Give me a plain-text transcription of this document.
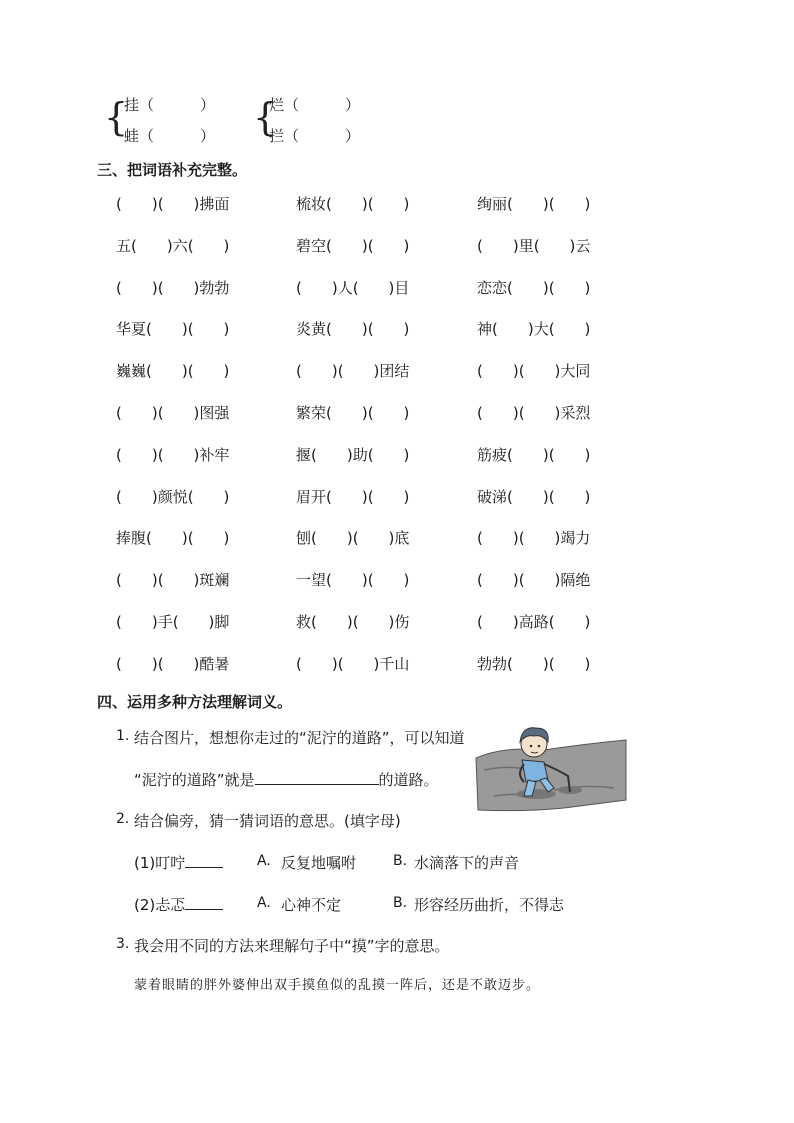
{
挂（	）
蛙（	） {
烂（	）
拦（	）
三、把词语补充完整。
(　　)(　　)拂面	梳妆(　　)(　　)	绚丽(　　)(　　)
五(　　)六(　　)	碧空(　　)(　　)	(　　)里(　　)云
(　　)(　　)勃勃	(　　)人(　　)目	恋恋(　　)(　　)
华夏(　　)(　　)	炎黄(　　)(　　)	神(　　)大(　　)
巍巍(　　)(　　)	(　　)(　　)团结	(　　)(　　)大同
(　　)(　　)图强	繁荣(　　)(　　)	(　　)(　　)采烈
(　　)(　　)补牢	揠(　　)助(　　)	筋疲(　　)(　　)
(　　)颜悦(　　)	眉开(　　)(　　)	破涕(　　)(　　)
捧腹(　　)(　　)	刨(　　)(　　)底	(　　)(　　)竭力
(　　)(　　)斑斓	一望(　　)(　　)	(　　)(　　)隔绝
(　　)手(　　)脚	救(　　)(　　)伤	(　　)高路(　　)
(　　)(　　)酷暑	(　　)(　　)千山	勃勃(　　)(　　)
四、运用多种方法理解词义。
1. 结合图片，想想你走过的“泥泞的道路”，可以知道
“泥泞的道路”就是	的道路。
2. 结合偏旁，猜一猜词语的意思。(填字母)
(1)叮咛	A. 反复地嘱咐	B. 水滴落下的声音
(2)忐忑	A. 心神不定	B. 形容经历曲折，不得志
3. 我会用不同的方法来理解句子中“摸”字的意思。
蒙着眼睛的胖外婆伸出双手摸鱼似的乱摸一阵后，还是不敢迈步。
